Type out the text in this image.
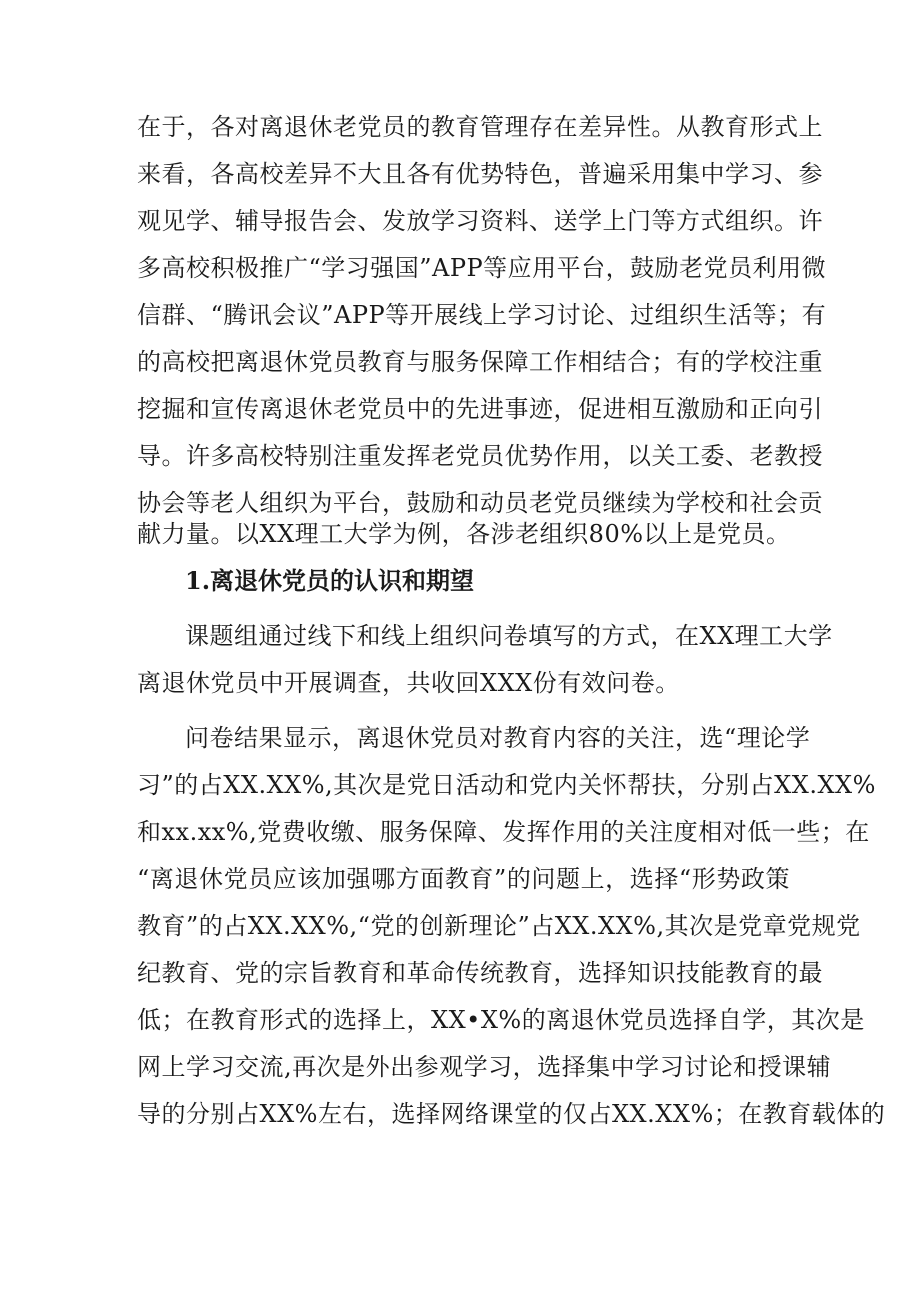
在于，各对离退休老党员的教育管理存在差异性。从教育形式上
来看，各高校差异不大且各有优势特色，普遍采用集中学习、参
观见学、辅导报告会、发放学习资料、送学上门等方式组织。许
多高校积极推广“学习强国”APP等应用平台，鼓励老党员利用微
信群、“腾讯会议”APP等开展线上学习讨论、过组织生活等；有
的高校把离退休党员教育与服务保障工作相结合；有的学校注重
挖掘和宣传离退休老党员中的先进事迹，促进相互激励和正向引
导。许多高校特别注重发挥老党员优势作用，以关工委、老教授
协会等老人组织为平台，鼓励和动员老党员继续为学校和社会贡
献力量。以XX理工大学为例，各涉老组织80%以上是党员。
1.离退休党员的认识和期望
课题组通过线下和线上组织问卷填写的方式，在XX理工大学
离退休党员中开展调查，共收回XXX份有效问卷。
问卷结果显示，离退休党员对教育内容的关注，选“理论学
习”的占XX.XX%,其次是党日活动和党内关怀帮扶，分别占XX.XX%
和xx.xx%,党费收缴、服务保障、发挥作用的关注度相对低一些；在
“离退休党员应该加强哪方面教育”的问题上，选择“形势政策
教育”的占XX.XX%,“党的创新理论”占XX.XX%,其次是党章党规党
纪教育、党的宗旨教育和革命传统教育，选择知识技能教育的最
低；在教育形式的选择上，XX•X%的离退休党员选择自学，其次是
网上学习交流,再次是外出参观学习，选择集中学习讨论和授课辅
导的分别占XX%左右，选择网络课堂的仅占XX.XX%；在教育载体的
